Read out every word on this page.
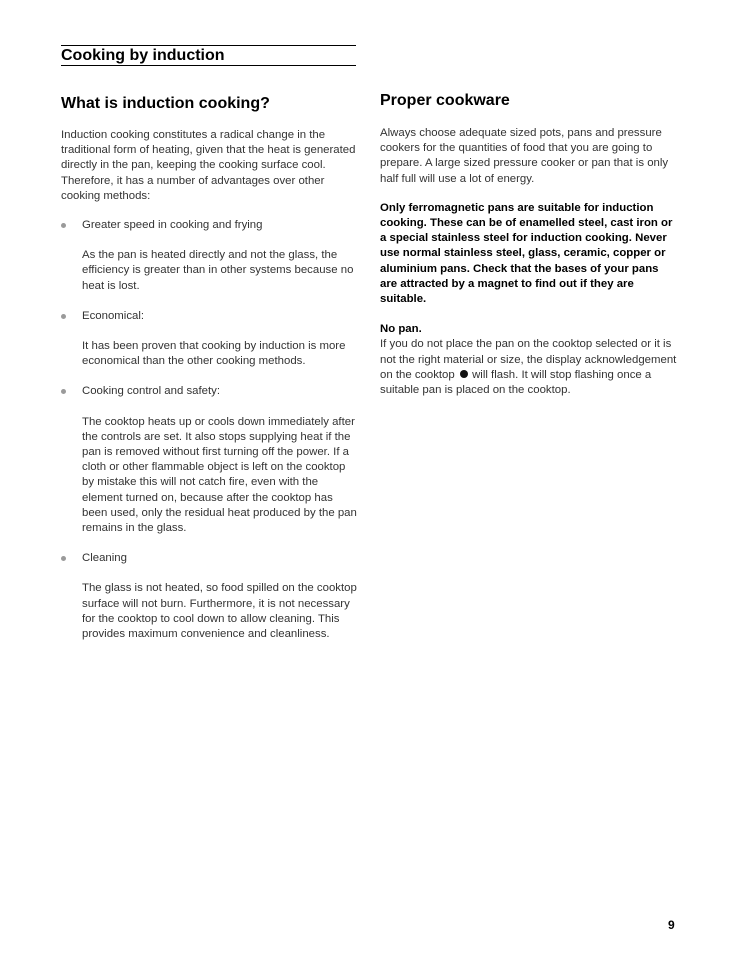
Cooking by induction
What is induction cooking?

Induction cooking constitutes a radical change in the traditional form of heating, given that the heat is generated directly in the pan, keeping the cooking surface cool. Therefore, it has a number of advantages over other cooking methods:

Greater speed in cooking and frying

As the pan is heated directly and not the glass, the efficiency is greater than in other systems because no heat is lost.

Economical:

It has been proven that cooking by induction is more economical than the other cooking methods.

Cooking control and safety:

The cooktop heats up or cools down immediately after the controls are set. It also stops supplying heat if the pan is removed without first turning off the power. If a cloth or other flammable object is left on the cooktop by mistake this will not catch fire, even with the element turned on, because after the cooktop has been used, only the residual heat produced by the pan remains in the glass.

Cleaning

The glass is not heated, so food spilled on the cooktop surface will not burn. Furthermore, it is not necessary for the cooktop to cool down to allow cleaning. This provides maximum convenience and cleanliness.

Proper cookware

Always choose adequate sized pots, pans and pressure cookers for the quantities of food that you are going to prepare. A large sized pressure cooker or pan that is only half full will use a lot of energy.

Only ferromagnetic pans are suitable for induction cooking. These can be of enamelled steel, cast iron or a special stainless steel for induction cooking. Never use normal stainless steel, glass, ceramic, copper or aluminium pans. Check that the bases of your pans are attracted by a magnet to find out if they are suitable.

No pan.

If you do not place the pan on the cooktop selected or it is not the right material or size, the display acknowledgement on the cooktop  will flash. It will stop flashing once a suitable pan is placed on the cooktop.

9
